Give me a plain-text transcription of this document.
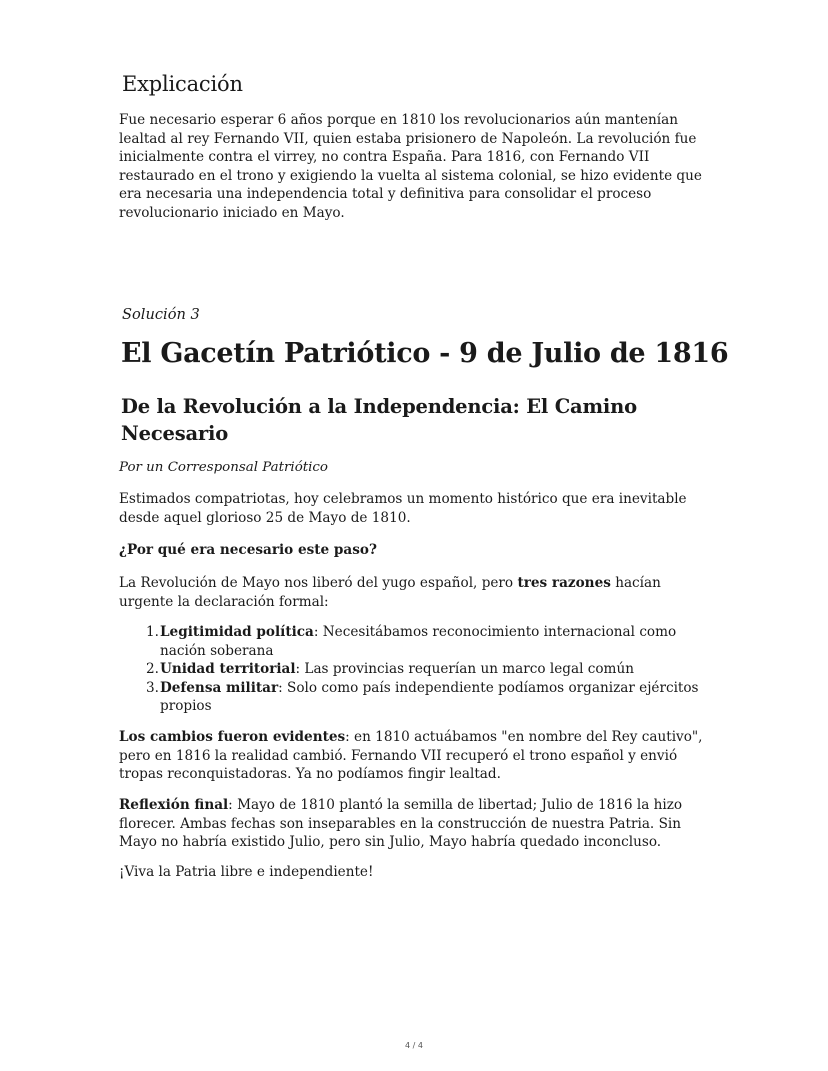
Explicación

Fue necesario esperar 6 años porque en 1810 los revolucionarios aún mantenían lealtad al rey Fernando VII, quien estaba prisionero de Napoleón. La revolución fue inicialmente contra el virrey, no contra España. Para 1816, con Fernando VII restaurado en el trono y exigiendo la vuelta al sistema colonial, se hizo evidente que era necesaria una independencia total y definitiva para consolidar el proceso revolucionario iniciado en Mayo.

Solución 3

El Gacetín Patriótico - 9 de Julio de 1816
De la Revolución a la Independencia: El Camino Necesario

Por un Corresponsal Patriótico

Estimados compatriotas, hoy celebramos un momento histórico que era inevitable desde aquel glorioso 25 de Mayo de 1810.

¿Por qué era necesario este paso?

La Revolución de Mayo nos liberó del yugo español, pero tres razones hacían urgente la declaración formal:

1. Legitimidad política: Necesitábamos reconocimiento internacional como nación soberana
2. Unidad territorial: Las provincias requerían un marco legal común
3. Defensa militar: Solo como país independiente podíamos organizar ejércitos propios

Los cambios fueron evidentes: en 1810 actuábamos "en nombre del Rey cautivo", pero en 1816 la realidad cambió. Fernando VII recuperó el trono español y envió tropas reconquistadoras. Ya no podíamos fingir lealtad.

Reflexión final: Mayo de 1810 plantó la semilla de libertad; Julio de 1816 la hizo florecer. Ambas fechas son inseparables en la construcción de nuestra Patria. Sin Mayo no habría existido Julio, pero sin Julio, Mayo habría quedado inconcluso.

¡Viva la Patria libre e independiente!

4 / 4
